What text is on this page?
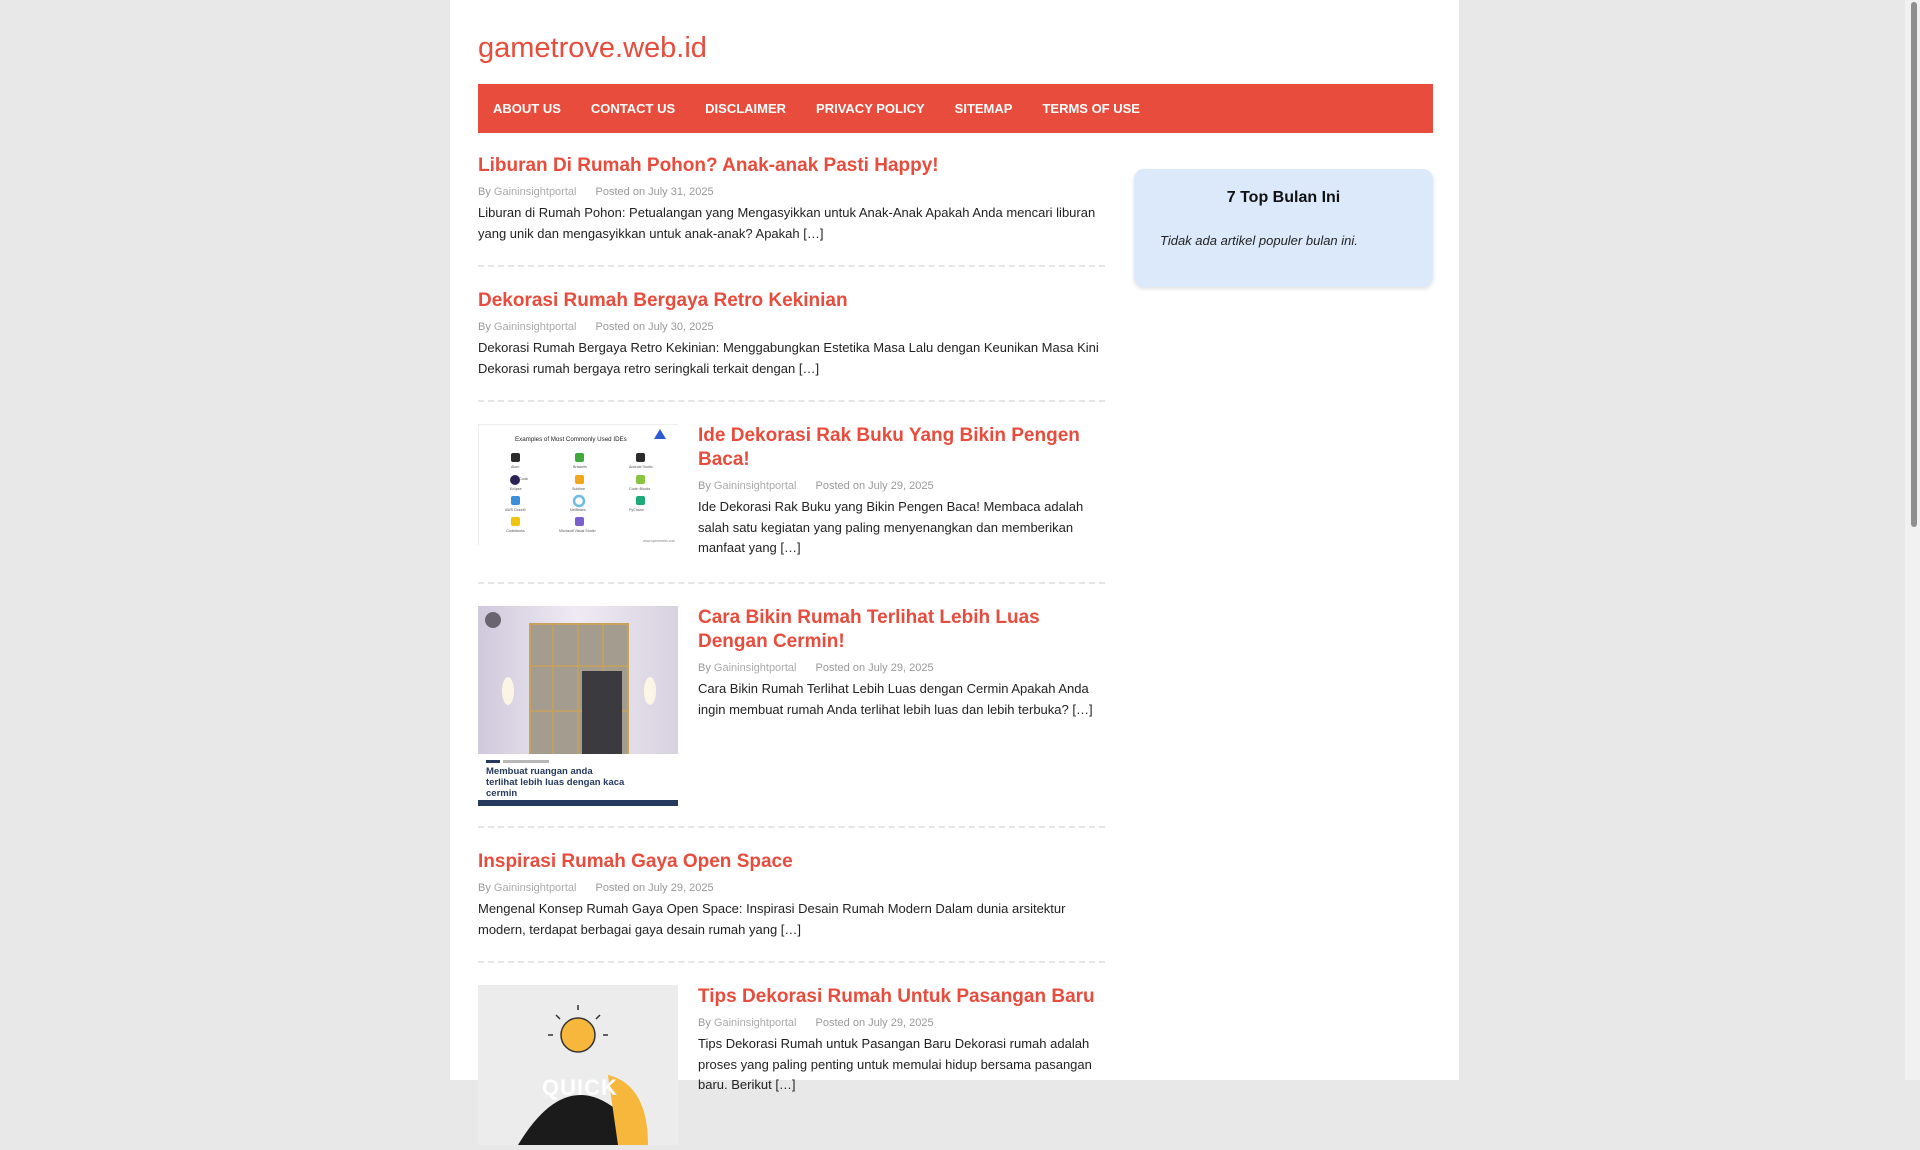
gametrove.web.id
ABOUT US	CONTACT US	DISCLAIMER	PRIVACY POLICY	SITEMAP	TERMS OF USE
Liburan Di Rumah Pohon? Anak-anak Pasti Happy!
By Gaininsightportal Posted on July 31, 2025
Liburan di Rumah Pohon: Petualangan yang Mengasyikkan untuk Anak-Anak Apakah Anda mencari liburan yang unik dan mengasyikkan untuk anak-anak? Apakah […]
Dekorasi Rumah Bergaya Retro Kekinian
By Gaininsightportal Posted on July 30, 2025
Dekorasi Rumah Bergaya Retro Kekinian: Menggabungkan Estetika Masa Lalu dengan Keunikan Masa Kini Dekorasi rumah bergaya retro seringkali terkait dengan […]
Examples of Most Commonly Used IDEs
Atom	Brackets	Android Studio
Eclipse	Sublime	Code::Blocks
AWS Cloud9	NetBeans	PyCharm
Codeblocks	Microsoft Visual Studio
Coda
www.spiceworks.com
Ide Dekorasi Rak Buku Yang Bikin Pengen Baca!
By Gaininsightportal Posted on July 29, 2025
Ide Dekorasi Rak Buku yang Bikin Pengen Baca! Membaca adalah salah satu kegiatan yang paling menyenangkan dan memberikan manfaat yang […]
Membuat ruangan anda terlihat lebih luas dengan kaca cermin
Cara Bikin Rumah Terlihat Lebih Luas Dengan Cermin!
By Gaininsightportal Posted on July 29, 2025
Cara Bikin Rumah Terlihat Lebih Luas dengan Cermin Apakah Anda ingin membuat rumah Anda terlihat lebih luas dan lebih terbuka? […]
Inspirasi Rumah Gaya Open Space
By Gaininsightportal Posted on July 29, 2025
Mengenal Konsep Rumah Gaya Open Space: Inspirasi Desain Rumah Modern Dalam dunia arsitektur modern, terdapat berbagai gaya desain rumah yang […]
QUICK
Tips Dekorasi Rumah Untuk Pasangan Baru
By Gaininsightportal Posted on July 29, 2025
Tips Dekorasi Rumah untuk Pasangan Baru Dekorasi rumah adalah proses yang paling penting untuk memulai hidup bersama pasangan baru. Berikut […]
7 Top Bulan Ini

Tidak ada artikel populer bulan ini.
